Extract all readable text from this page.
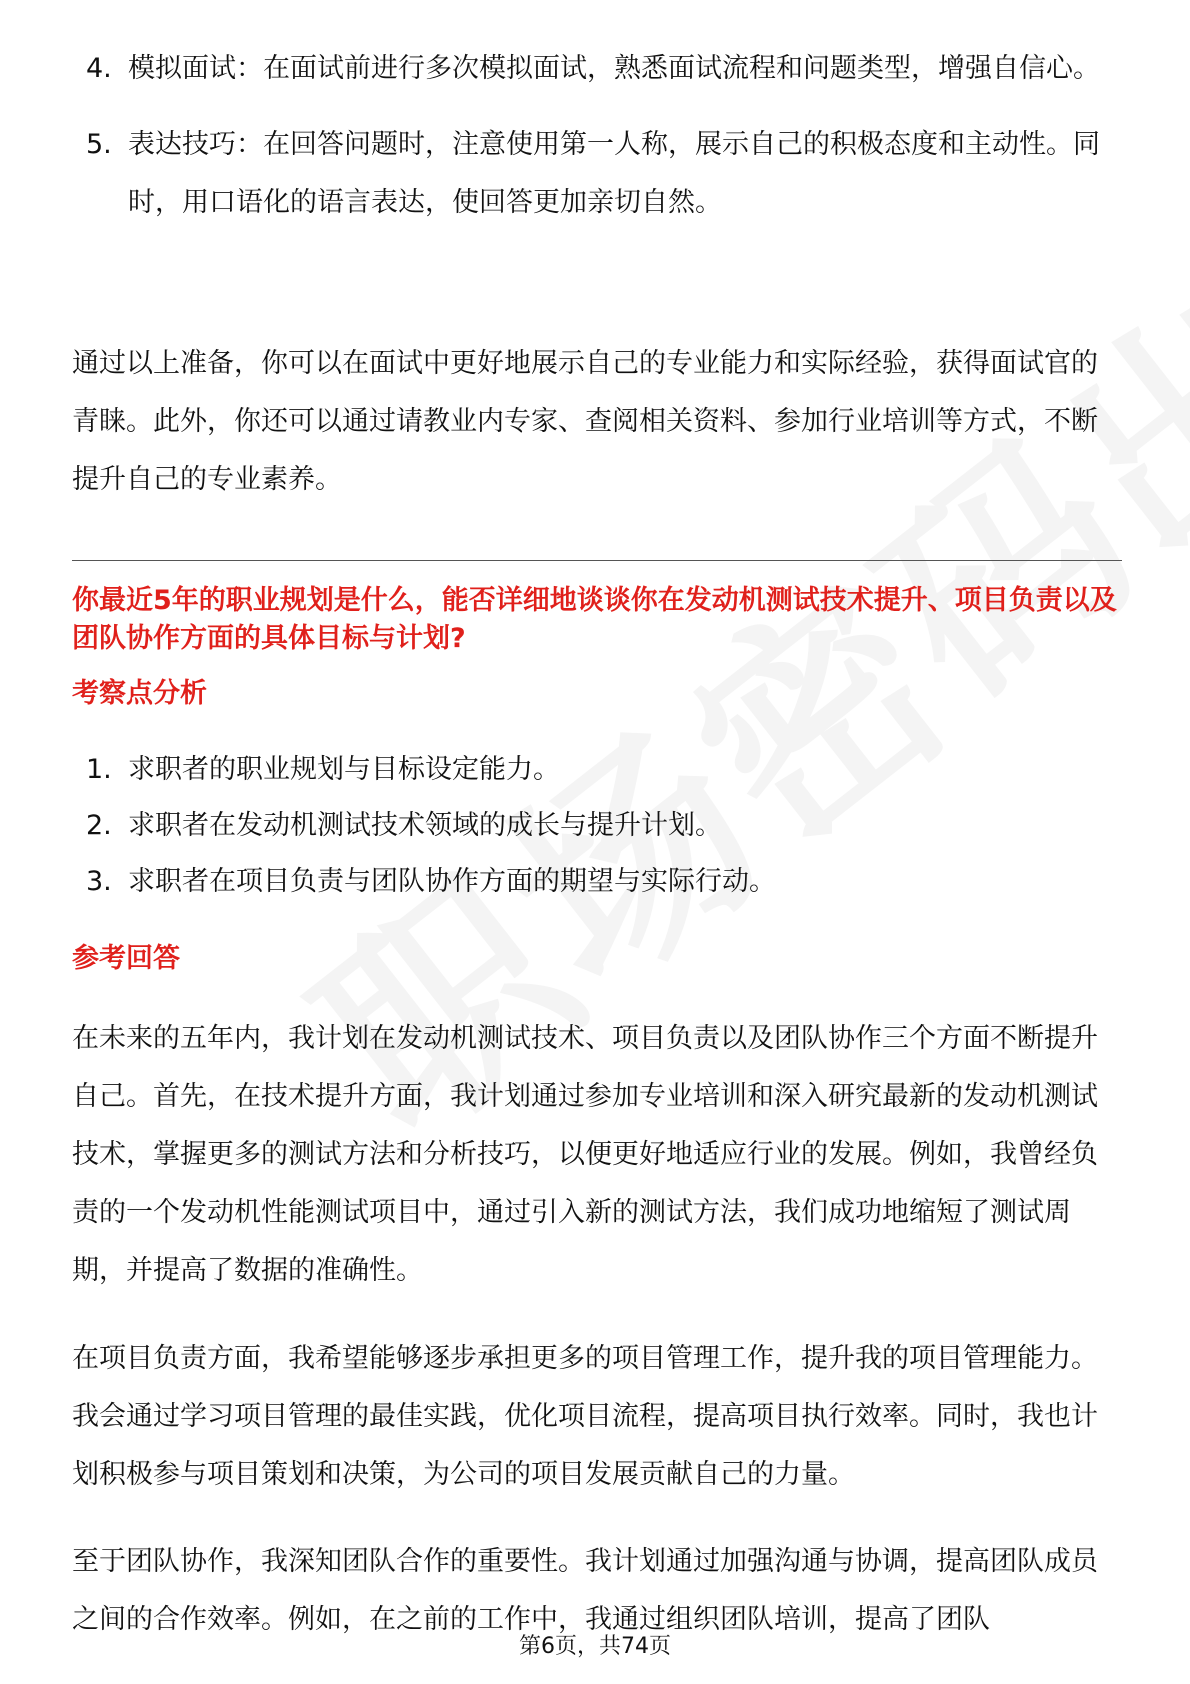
4. 模拟面试：在面试前进行多次模拟面试，熟悉面试流程和问题类型，增强自信心。
5. 表达技巧：在回答问题时，注意使用第一人称，展示自己的积极态度和主动性。同时，用口语化的语言表达，使回答更加亲切自然。

通过以上准备，你可以在面试中更好地展示自己的专业能力和实际经验，获得面试官的青睐。此外，你还可以通过请教业内专家、查阅相关资料、参加行业培训等方式，不断提升自己的专业素养。

你最近5年的职业规划是什么，能否详细地谈谈你在发动机测试技术提升、项目负责以及团队协作方面的具体目标与计划?

考察点分析

1. 求职者的职业规划与目标设定能力。
2. 求职者在发动机测试技术领域的成长与提升计划。
3. 求职者在项目负责与团队协作方面的期望与实际行动。

参考回答

在未来的五年内，我计划在发动机测试技术、项目负责以及团队协作三个方面不断提升自己。首先，在技术提升方面，我计划通过参加专业培训和深入研究最新的发动机测试技术，掌握更多的测试方法和分析技巧，以便更好地适应行业的发展。例如，我曾经负责的一个发动机性能测试项目中，通过引入新的测试方法，我们成功地缩短了测试周期，并提高了数据的准确性。

在项目负责方面，我希望能够逐步承担更多的项目管理工作，提升我的项目管理能力。我会通过学习项目管理的最佳实践，优化项目流程，提高项目执行效率。同时，我也计划积极参与项目策划和决策，为公司的项目发展贡献自己的力量。

至于团队协作，我深知团队合作的重要性。我计划通过加强沟通与协调，提高团队成员之间的合作效率。例如，在之前的工作中，我通过组织团队培训，提高了团队

第6页，共74页
